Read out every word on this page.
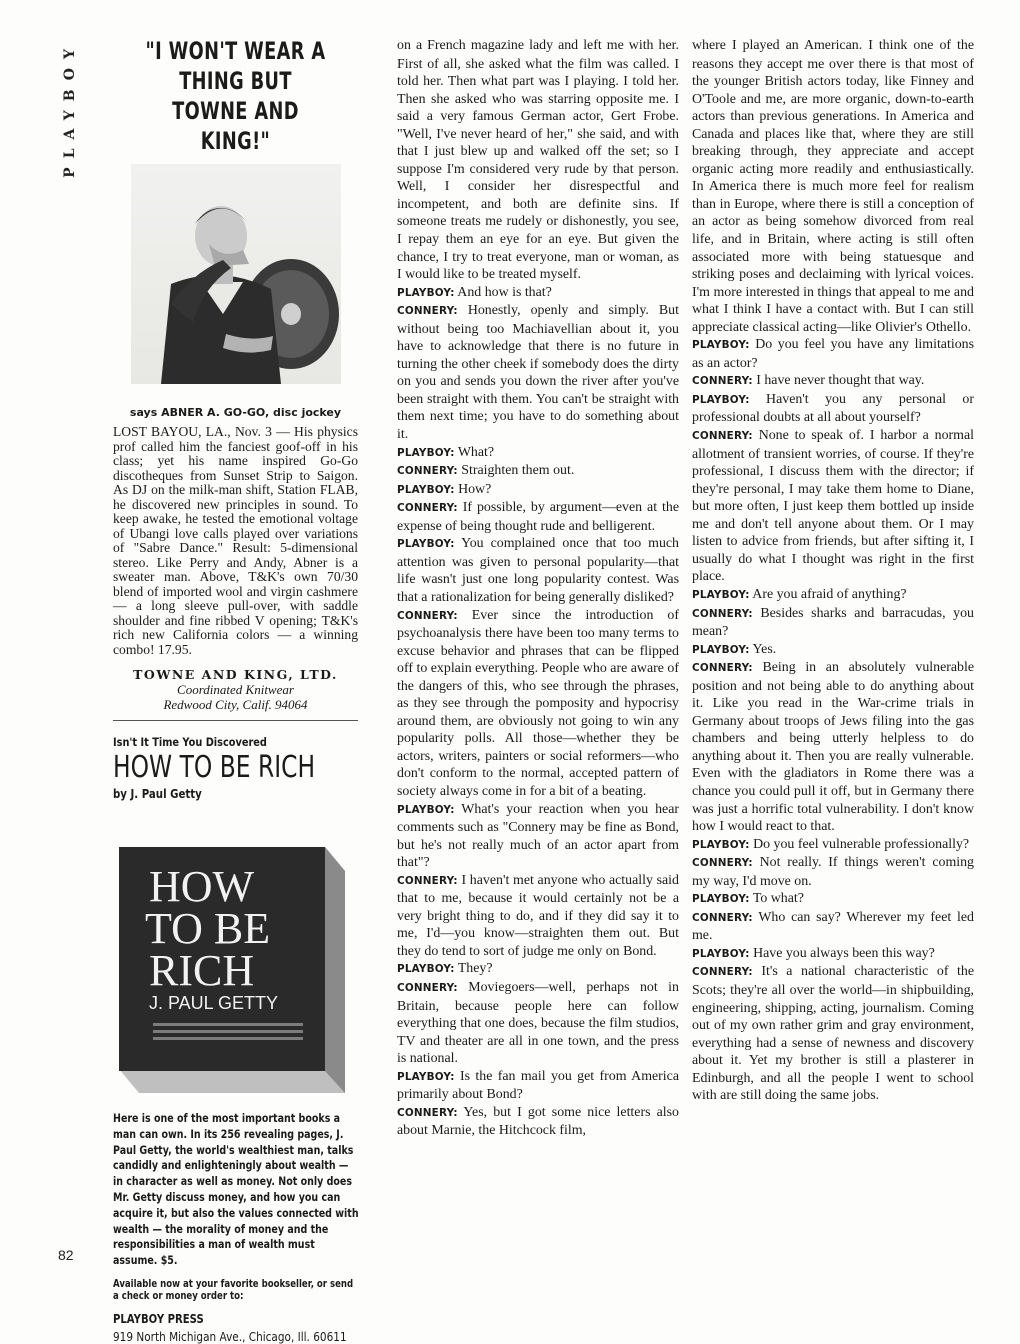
PLAYBOY
82
"I WON'T WEAR A THING BUT TOWNE AND KING!"
says ABNER A. GO-GO, disc jockey
LOST BAYOU, LA., Nov. 3 — His physics prof called him the fanciest goof-off in his class; yet his name inspired Go-Go discotheques from Sunset Strip to Saigon. As DJ on the milk-man shift, Station FLAB, he discovered new principles in sound. To keep awake, he tested the emotional voltage of Ubangi love calls played over variations of "Sabre Dance." Result: 5-dimensional stereo. Like Perry and Andy, Abner is a sweater man. Above, T&K's own 70/30 blend of imported wool and virgin cashmere — a long sleeve pull-over, with saddle shoulder and fine ribbed V opening; T&K's rich new California colors — a winning combo! 17.95.
TOWNE AND KING, LTD.
Coordinated Knitwear
Redwood City, Calif. 94064
Isn't It Time You Discovered
HOW TO BE RICH
by J. Paul Getty
HOW
TO BE
RICH
J. PAUL GETTY
Here is one of the most important books a man can own. In its 256 revealing pages, J. Paul Getty, the world's wealthiest man, talks candidly and enlighteningly about wealth — in character as well as money. Not only does Mr. Getty discuss money, and how you can acquire it, but also the values connected with wealth — the morality of money and the responsibilities a man of wealth must assume. $5.
Available now at your favorite bookseller, or send a check or money order to:
PLAYBOY PRESS
919 North Michigan Ave., Chicago, Ill. 60611

on a French magazine lady and left me with her. First of all, she asked what the film was called. I told her. Then what part was I playing. I told her. Then she asked who was starring opposite me. I said a very famous German actor, Gert Frobe. "Well, I've never heard of her," she said, and with that I just blew up and walked off the set; so I suppose I'm considered very rude by that person. Well, I consider her disrespectful and incompetent, and both are definite sins. If someone treats me rudely or dishonestly, you see, I repay them an eye for an eye. But given the chance, I try to treat everyone, man or woman, as I would like to be treated myself.

PLAYBOY: And how is that?

CONNERY: Honestly, openly and simply. But without being too Machiavellian about it, you have to acknowledge that there is no future in turning the other cheek if somebody does the dirty on you and sends you down the river after you've been straight with them. You can't be straight with them next time; you have to do something about it.

PLAYBOY: What?

CONNERY: Straighten them out.

PLAYBOY: How?

CONNERY: If possible, by argument—even at the expense of being thought rude and belligerent.

PLAYBOY: You complained once that too much attention was given to personal popularity—that life wasn't just one long popularity contest. Was that a rationalization for being generally disliked?

CONNERY: Ever since the introduction of psychoanalysis there have been too many terms to excuse behavior and phrases that can be flipped off to explain everything. People who are aware of the dangers of this, who see through the phrases, as they see through the pomposity and hypocrisy around them, are obviously not going to win any popularity polls. All those—whether they be actors, writers, painters or social reformers—who don't conform to the normal, accepted pattern of society always come in for a bit of a beating.

PLAYBOY: What's your reaction when you hear comments such as "Connery may be fine as Bond, but he's not really much of an actor apart from that"?

CONNERY: I haven't met anyone who actually said that to me, because it would certainly not be a very bright thing to do, and if they did say it to me, I'd—you know—straighten them out. But they do tend to sort of judge me only on Bond.

PLAYBOY: They?

CONNERY: Moviegoers—well, perhaps not in Britain, because people here can follow everything that one does, because the film studios, TV and theater are all in one town, and the press is national.

PLAYBOY: Is the fan mail you get from America primarily about Bond?

CONNERY: Yes, but I got some nice letters also about Marnie, the Hitchcock film,

where I played an American. I think one of the reasons they accept me over there is that most of the younger British actors today, like Finney and O'Toole and me, are more organic, down-to-earth actors than previous generations. In America and Canada and places like that, where they are still breaking through, they appreciate and accept organic acting more readily and enthusiastically. In America there is much more feel for realism than in Europe, where there is still a conception of an actor as being somehow divorced from real life, and in Britain, where acting is still often associated more with being statuesque and striking poses and declaiming with lyrical voices. I'm more interested in things that appeal to me and what I think I have a contact with. But I can still appreciate classical acting—like Olivier's Othello.

PLAYBOY: Do you feel you have any limitations as an actor?

CONNERY: I have never thought that way.

PLAYBOY: Haven't you any personal or professional doubts at all about yourself?

CONNERY: None to speak of. I harbor a normal allotment of transient worries, of course. If they're professional, I discuss them with the director; if they're personal, I may take them home to Diane, but more often, I just keep them bottled up inside me and don't tell anyone about them. Or I may listen to advice from friends, but after sifting it, I usually do what I thought was right in the first place.

PLAYBOY: Are you afraid of anything?

CONNERY: Besides sharks and barracudas, you mean?

PLAYBOY: Yes.

CONNERY: Being in an absolutely vulnerable position and not being able to do anything about it. Like you read in the War-crime trials in Germany about troops of Jews filing into the gas chambers and being utterly helpless to do anything about it. Then you are really vulnerable. Even with the gladiators in Rome there was a chance you could pull it off, but in Germany there was just a horrific total vulnerability. I don't know how I would react to that.

PLAYBOY: Do you feel vulnerable professionally?

CONNERY: Not really. If things weren't coming my way, I'd move on.

PLAYBOY: To what?

CONNERY: Who can say? Wherever my feet led me.

PLAYBOY: Have you always been this way?

CONNERY: It's a national characteristic of the Scots; they're all over the world—in shipbuilding, engineering, shipping, acting, journalism. Coming out of my own rather grim and gray environment, everything had a sense of newness and discovery about it. Yet my brother is still a plasterer in Edinburgh, and all the people I went to school with are still doing the same jobs.
